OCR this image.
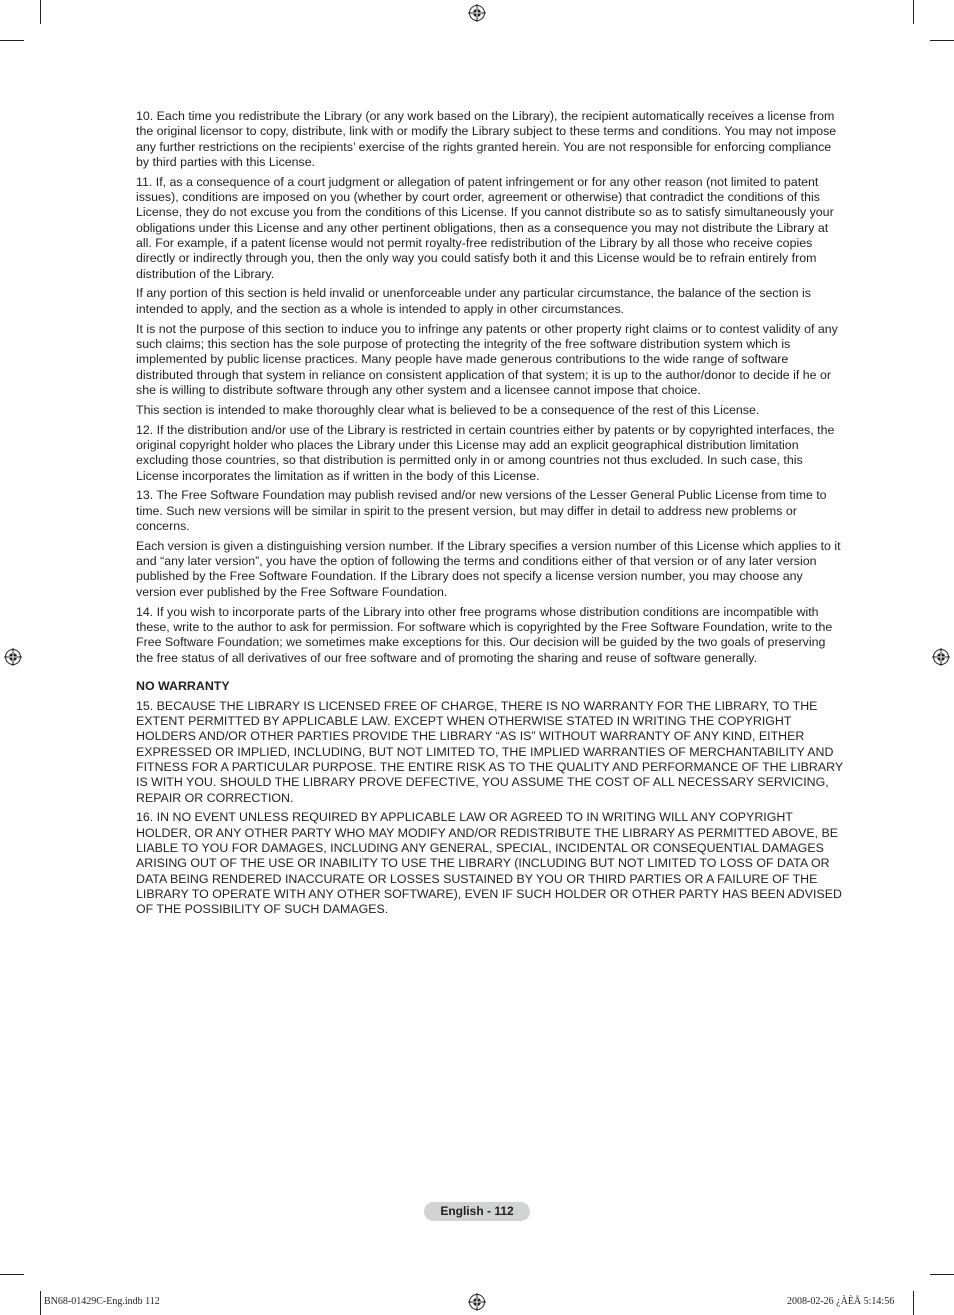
10. Each time you redistribute the Library (or any work based on the Library), the recipient automatically receives a license from the original licensor to copy, distribute, link with or modify the Library subject to these terms and conditions. You may not impose any further restrictions on the recipients’ exercise of the rights granted herein. You are not responsible for enforcing compliance by third parties with this License.

11. If, as a consequence of a court judgment or allegation of patent infringement or for any other reason (not limited to patent issues), conditions are imposed on you (whether by court order, agreement or otherwise) that contradict the conditions of this License, they do not excuse you from the conditions of this License. If you cannot distribute so as to satisfy simultaneously your obligations under this License and any other pertinent obligations, then as a consequence you may not distribute the Library at all. For example, if a patent license would not permit royalty-free redistribution of the Library by all those who receive copies directly or indirectly through you, then the only way you could satisfy both it and this License would be to refrain entirely from distribution of the Library.

If any portion of this section is held invalid or unenforceable under any particular circumstance, the balance of the section is intended to apply, and the section as a whole is intended to apply in other circumstances.

It is not the purpose of this section to induce you to infringe any patents or other property right claims or to contest validity of any such claims; this section has the sole purpose of protecting the integrity of the free software distribution system which is implemented by public license practices. Many people have made generous contributions to the wide range of software distributed through that system in reliance on consistent application of that system; it is up to the author/donor to decide if he or she is willing to distribute software through any other system and a licensee cannot impose that choice.

This section is intended to make thoroughly clear what is believed to be a consequence of the rest of this License.

12. If the distribution and/or use of the Library is restricted in certain countries either by patents or by copyrighted interfaces, the original copyright holder who places the Library under this License may add an explicit geographical distribution limitation excluding those countries, so that distribution is permitted only in or among countries not thus excluded. In such case, this License incorporates the limitation as if written in the body of this License.

13. The Free Software Foundation may publish revised and/or new versions of the Lesser General Public License from time to time. Such new versions will be similar in spirit to the present version, but may differ in detail to address new problems or concerns.

Each version is given a distinguishing version number. If the Library specifies a version number of this License which applies to it and “any later version”, you have the option of following the terms and conditions either of that version or of any later version published by the Free Software Foundation. If the Library does not specify a license version number, you may choose any version ever published by the Free Software Foundation.

14. If you wish to incorporate parts of the Library into other free programs whose distribution conditions are incompatible with these, write to the author to ask for permission. For software which is copyrighted by the Free Software Foundation, write to the Free Software Foundation; we sometimes make exceptions for this. Our decision will be guided by the two goals of preserving the free status of all derivatives of our free software and of promoting the sharing and reuse of software generally.

NO WARRANTY

15. BECAUSE THE LIBRARY IS LICENSED FREE OF CHARGE, THERE IS NO WARRANTY FOR THE LIBRARY, TO THE EXTENT PERMITTED BY APPLICABLE LAW. EXCEPT WHEN OTHERWISE STATED IN WRITING THE COPYRIGHT HOLDERS AND/OR OTHER PARTIES PROVIDE THE LIBRARY “AS IS” WITHOUT WARRANTY OF ANY KIND, EITHER EXPRESSED OR IMPLIED, INCLUDING, BUT NOT LIMITED TO, THE IMPLIED WARRANTIES OF MERCHANTABILITY AND FITNESS FOR A PARTICULAR PURPOSE. THE ENTIRE RISK AS TO THE QUALITY AND PERFORMANCE OF THE LIBRARY IS WITH YOU. SHOULD THE LIBRARY PROVE DEFECTIVE, YOU ASSUME THE COST OF ALL NECESSARY SERVICING, REPAIR OR CORRECTION.

16. IN NO EVENT UNLESS REQUIRED BY APPLICABLE LAW OR AGREED TO IN WRITING WILL ANY COPYRIGHT HOLDER, OR ANY OTHER PARTY WHO MAY MODIFY AND/OR REDISTRIBUTE THE LIBRARY AS PERMITTED ABOVE, BE LIABLE TO YOU FOR DAMAGES, INCLUDING ANY GENERAL, SPECIAL, INCIDENTAL OR CONSEQUENTIAL DAMAGES ARISING OUT OF THE USE OR INABILITY TO USE THE LIBRARY (INCLUDING BUT NOT LIMITED TO LOSS OF DATA OR DATA BEING RENDERED INACCURATE OR LOSSES SUSTAINED BY YOU OR THIRD PARTIES OR A FAILURE OF THE LIBRARY TO OPERATE WITH ANY OTHER SOFTWARE), EVEN IF SUCH HOLDER OR OTHER PARTY HAS BEEN ADVISED OF THE POSSIBILITY OF SUCH DAMAGES.

English - 112
BN68-01429C-Eng.indb 112	2008-02-26 ¿ÀÈÄ 5:14:56
